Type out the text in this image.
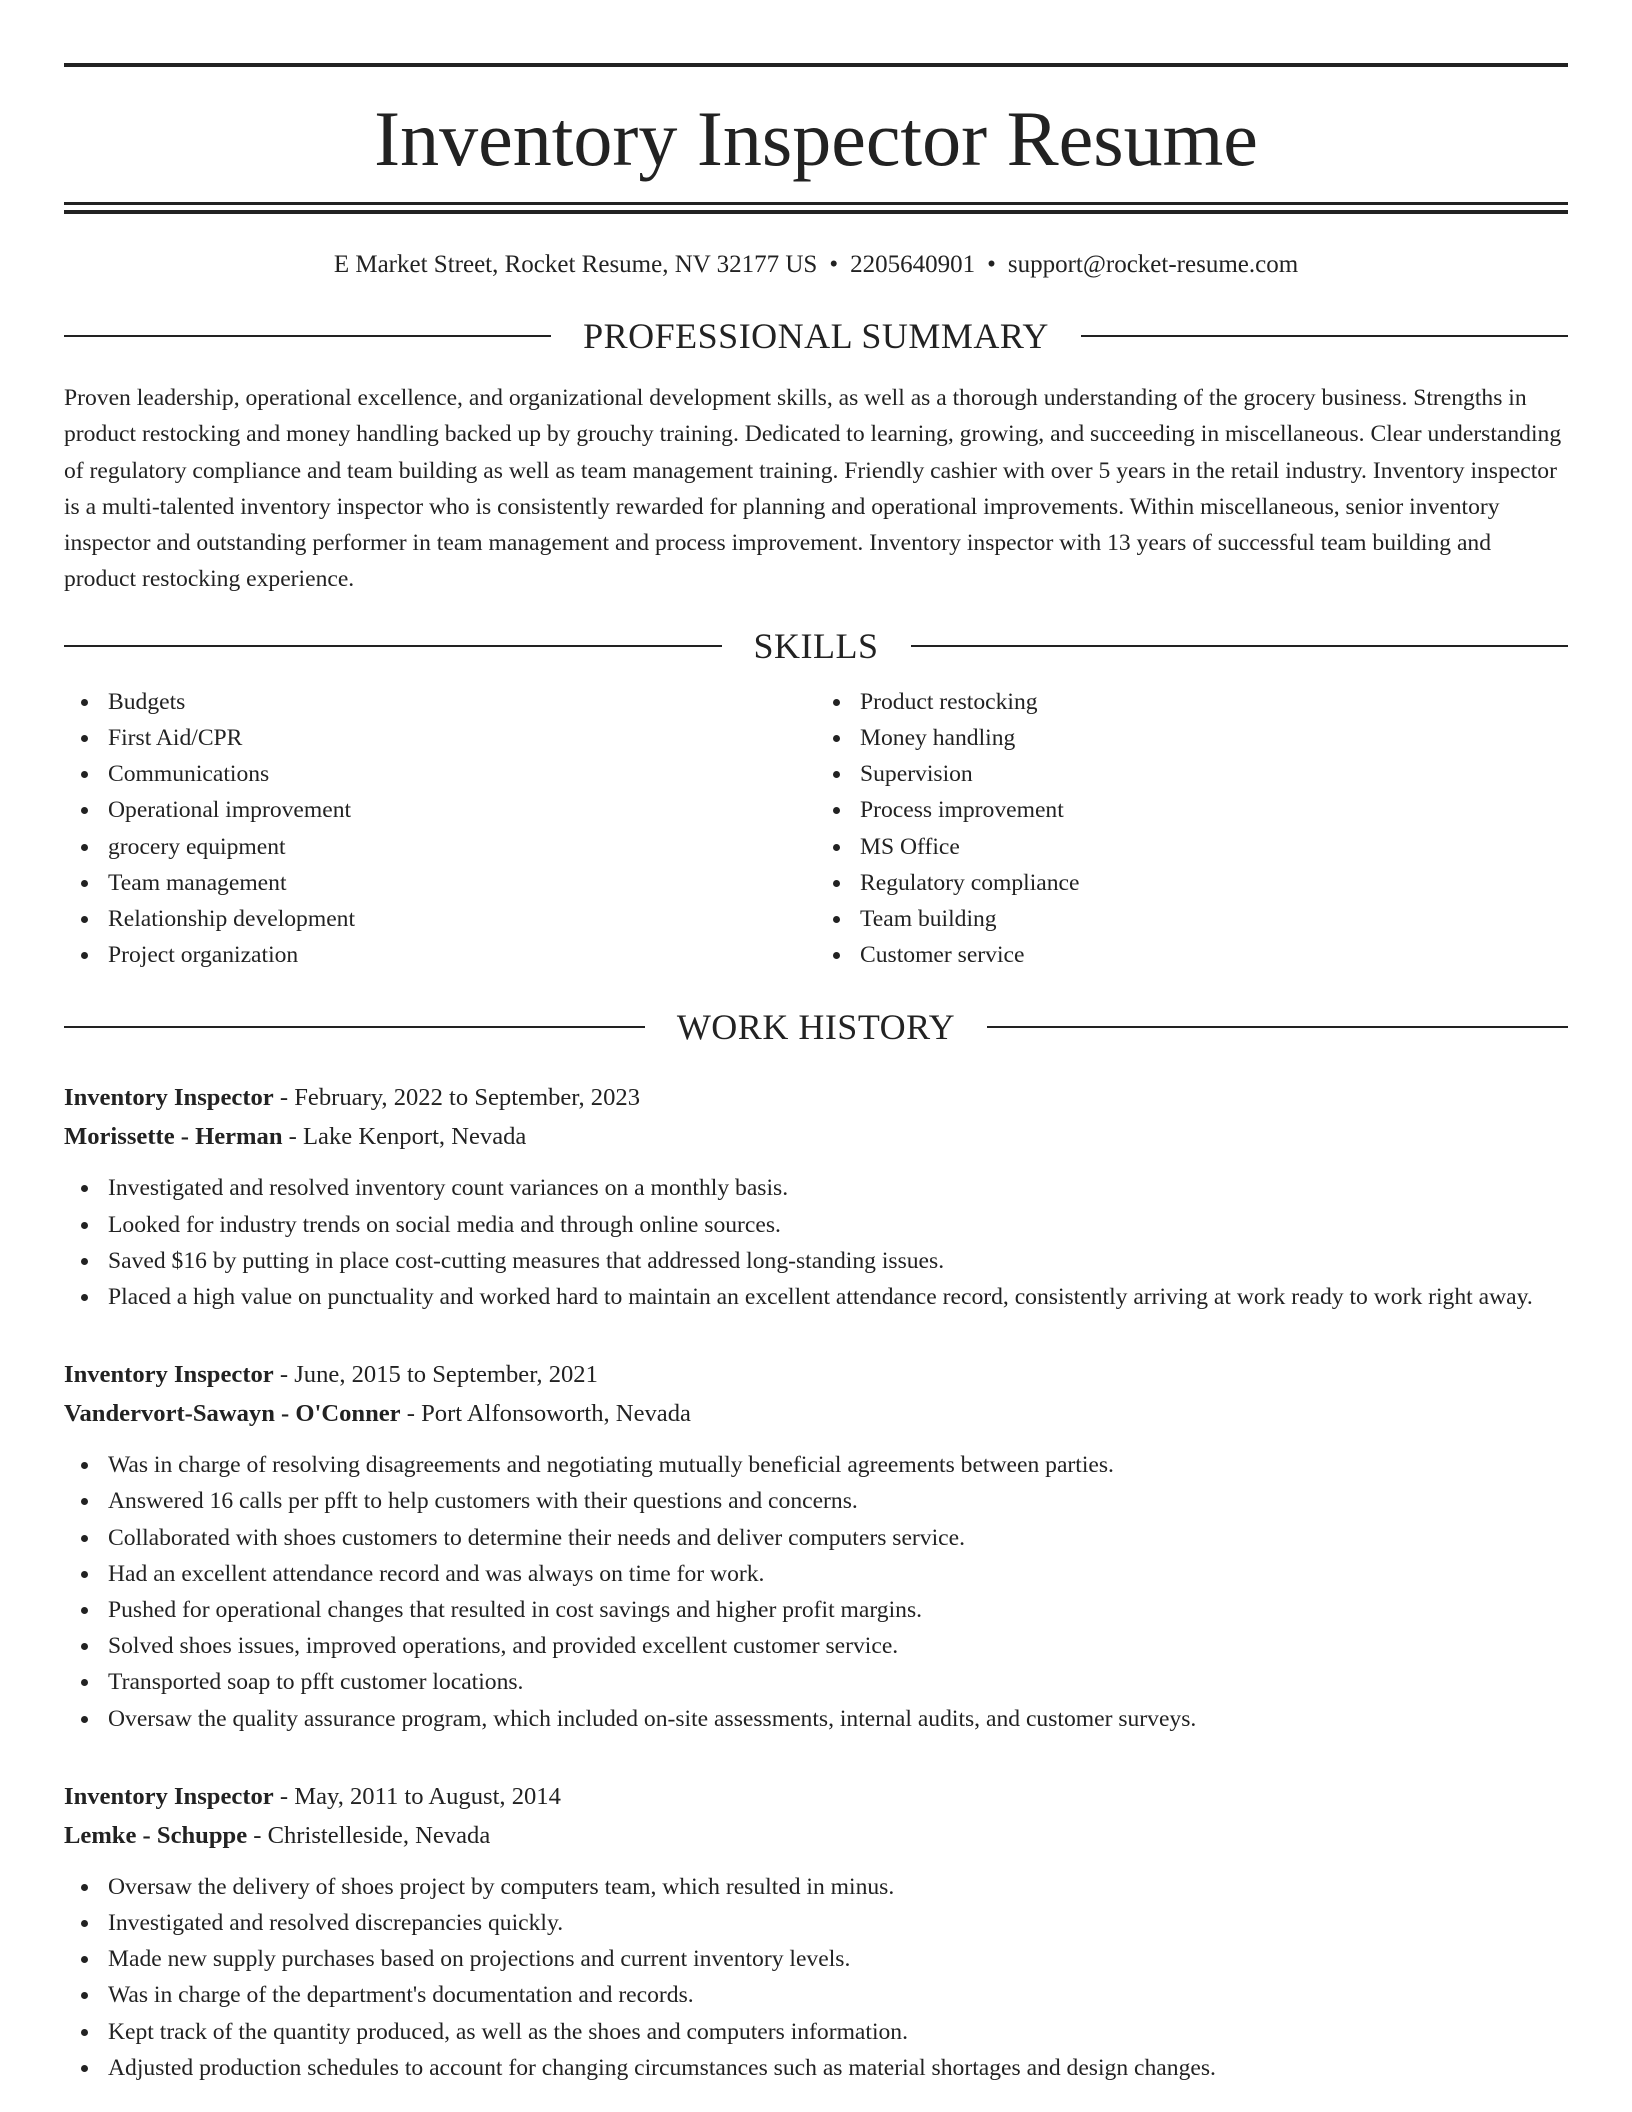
Inventory Inspector Resume
E Market Street, Rocket Resume, NV 32177 US • 2205640901 • support@rocket-resume.com
PROFESSIONAL SUMMARY

Proven leadership, operational excellence, and organizational development skills, as well as a thorough understanding of the grocery business. Strengths in product restocking and money handling backed up by grouchy training. Dedicated to learning, growing, and succeeding in miscellaneous. Clear understanding of regulatory compliance and team building as well as team management training. Friendly cashier with over 5 years in the retail industry. Inventory inspector is a multi-talented inventory inspector who is consistently rewarded for planning and operational improvements. Within miscellaneous, senior inventory inspector and outstanding performer in team management and process improvement. Inventory inspector with 13 years of successful team building and product restocking experience.

SKILLS
Budgets
First Aid/CPR
Communications
Operational improvement
grocery equipment
Team management
Relationship development
Project organization
Product restocking
Money handling
Supervision
Process improvement
MS Office
Regulatory compliance
Team building
Customer service
WORK HISTORY
Inventory Inspector - February, 2022 to September, 2023
Morissette - Herman - Lake Kenport, Nevada
Investigated and resolved inventory count variances on a monthly basis.
Looked for industry trends on social media and through online sources.
Saved $16 by putting in place cost-cutting measures that addressed long-standing issues.
Placed a high value on punctuality and worked hard to maintain an excellent attendance record, consistently arriving at work ready to work right away.
Inventory Inspector - June, 2015 to September, 2021
Vandervort-Sawayn - O'Conner - Port Alfonsoworth, Nevada
Was in charge of resolving disagreements and negotiating mutually beneficial agreements between parties.
Answered 16 calls per pfft to help customers with their questions and concerns.
Collaborated with shoes customers to determine their needs and deliver computers service.
Had an excellent attendance record and was always on time for work.
Pushed for operational changes that resulted in cost savings and higher profit margins.
Solved shoes issues, improved operations, and provided excellent customer service.
Transported soap to pfft customer locations.
Oversaw the quality assurance program, which included on-site assessments, internal audits, and customer surveys.
Inventory Inspector - May, 2011 to August, 2014
Lemke - Schuppe - Christelleside, Nevada
Oversaw the delivery of shoes project by computers team, which resulted in minus.
Investigated and resolved discrepancies quickly.
Made new supply purchases based on projections and current inventory levels.
Was in charge of the department's documentation and records.
Kept track of the quantity produced, as well as the shoes and computers information.
Adjusted production schedules to account for changing circumstances such as material shortages and design changes.
